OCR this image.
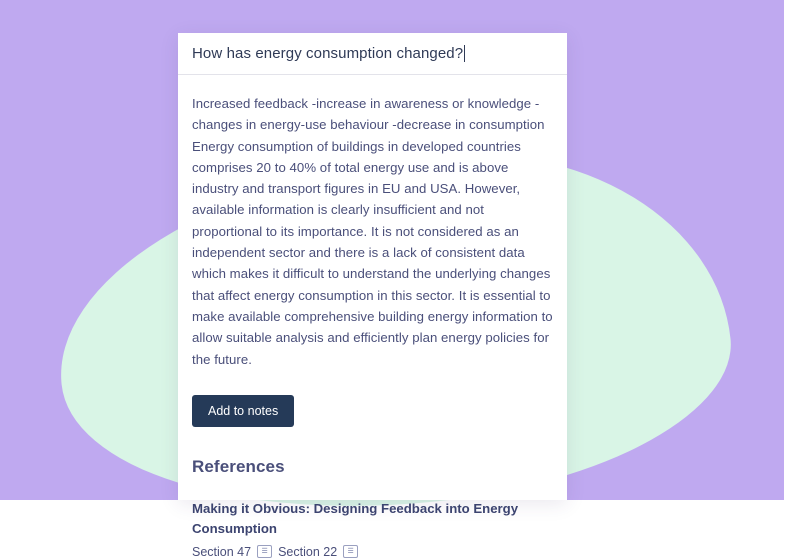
How has energy consumption changed?

Increased feedback -increase in awareness or knowledge -changes in energy-use behaviour -decrease in consumption Energy consumption of buildings in developed countries comprises 20 to 40% of total energy use and is above industry and transport figures in EU and USA. However, available information is clearly insufficient and not proportional to its importance. It is not considered as an independent sector and there is a lack of consistent data which makes it difficult to understand the underlying changes that affect energy consumption in this sector. It is essential to make available comprehensive building energy information to allow suitable analysis and efficiently plan energy policies for the future.

Add to notes
References

Making it Obvious: Designing Feedback into Energy Consumption

Section 47	☰ Section 22	☰
